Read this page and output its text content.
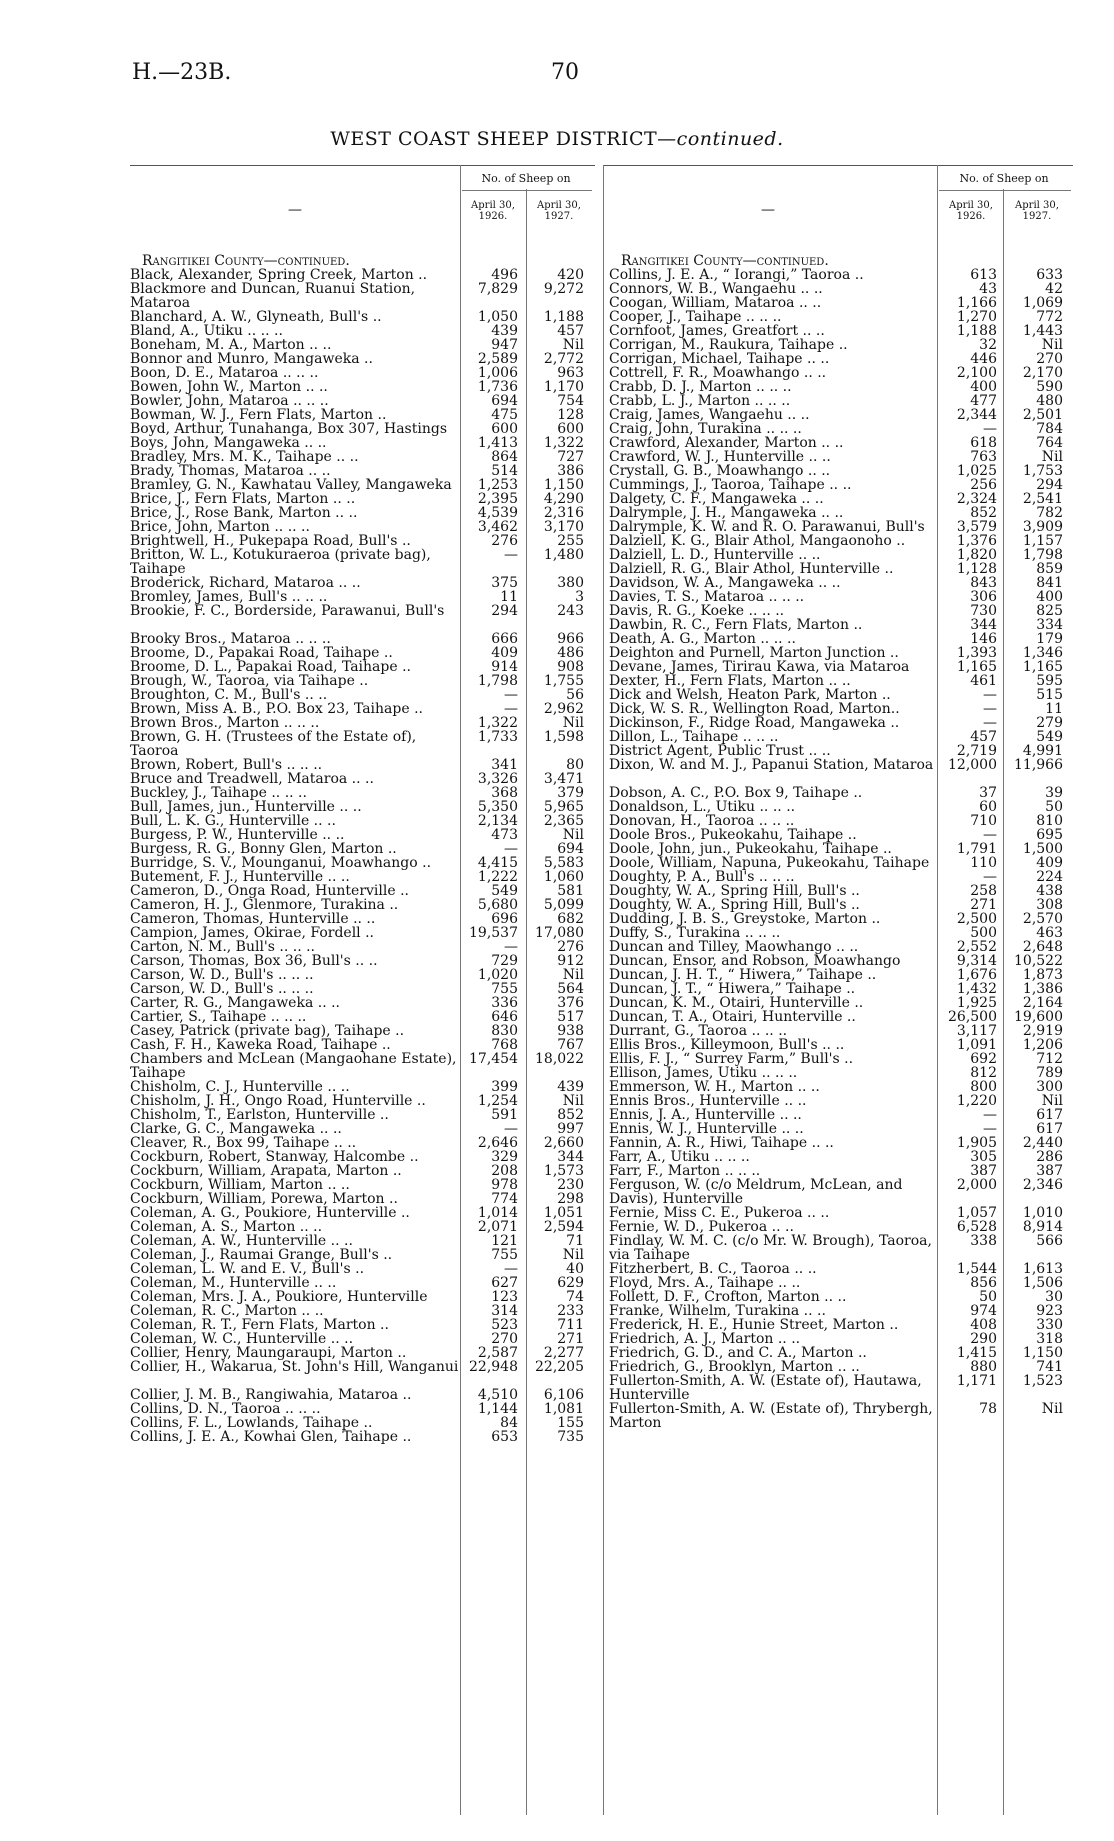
H.—23B.	70
WEST COAST SHEEP DISTRICT—continued.
—
No. of Sheep on
April 30, 1926.
April 30, 1927.
Rangitikei County—continued.
Black, Alexander, Spring Creek, Marton ..	496	420
Blackmore and Duncan, Ruanui Station, Mataroa
7,829	9,272
Blanchard, A. W., Glyneath, Bull's ..	1,050	1,188
Bland, A., Utiku .. .. ..	439	457
Boneham, M. A., Marton .. ..	947	Nil
Bonnor and Munro, Mangaweka ..	2,589	2,772
Boon, D. E., Mataroa .. .. ..	1,006	963
Bowen, John W., Marton .. ..	1,736	1,170
Bowler, John, Mataroa .. .. ..	694	754
Bowman, W. J., Fern Flats, Marton ..	475	128
Boyd, Arthur, Tunahanga, Box 307, Hastings	600	600
Boys, John, Mangaweka .. ..	1,413	1,322
Bradley, Mrs. M. K., Taihape .. ..	864	727
Brady, Thomas, Mataroa .. ..	514	386
Bramley, G. N., Kawhatau Valley, Mangaweka	1,253	1,150
Brice, J., Fern Flats, Marton .. ..	2,395	4,290
Brice, J., Rose Bank, Marton .. ..	4,539	2,316
Brice, John, Marton .. .. ..	3,462	3,170
Brightwell, H., Pukepapa Road, Bull's ..	276	255
Britton, W. L., Kotukuraeroa (private bag), Taihape
—	1,480
Broderick, Richard, Mataroa .. ..	375	380
Bromley, James, Bull's .. .. ..	11	3
Brookie, F. C., Borderside, Parawanui, Bull's	294	243
Brooky Bros., Mataroa .. .. ..	666	966
Broome, D., Papakai Road, Taihape ..	409	486
Broome, D. L., Papakai Road, Taihape ..	914	908
Brough, W., Taoroa, via Taihape ..	1,798	1,755
Broughton, C. M., Bull's .. ..	—	56
Brown, Miss A. B., P.O. Box 23, Taihape ..	—	2,962
Brown Bros., Marton .. .. ..	1,322	Nil
Brown, G. H. (Trustees of the Estate of), Taoroa
1,733	1,598
Brown, Robert, Bull's .. .. ..	341	80
Bruce and Treadwell, Mataroa .. ..	3,326	3,471
Buckley, J., Taihape .. .. ..	368	379
Bull, James, jun., Hunterville .. ..	5,350	5,965
Bull, L. K. G., Hunterville .. ..	2,134	2,365
Burgess, P. W., Hunterville .. ..	473	Nil
Burgess, R. G., Bonny Glen, Marton ..	—	694
Burridge, S. V., Mounganui, Moawhango ..	4,415	5,583
Butement, F. J., Hunterville .. ..	1,222	1,060
Cameron, D., Onga Road, Hunterville ..	549	581
Cameron, H. J., Glenmore, Turakina ..	5,680	5,099
Cameron, Thomas, Hunterville .. ..	696	682
Campion, James, Okirae, Fordell ..	19,537	17,080
Carton, N. M., Bull's .. .. ..	—	276
Carson, Thomas, Box 36, Bull's .. ..	729	912
Carson, W. D., Bull's .. .. ..	1,020	Nil
Carson, W. D., Bull's .. .. ..	755	564
Carter, R. G., Mangaweka .. ..	336	376
Cartier, S., Taihape .. .. ..	646	517
Casey, Patrick (private bag), Taihape ..	830	938
Cash, F. H., Kaweka Road, Taihape ..	768	767
Chambers and McLean (Mangaohane Estate), Taihape
17,454	18,022
Chisholm, C. J., Hunterville .. ..	399	439
Chisholm, J. H., Ongo Road, Hunterville ..	1,254	Nil
Chisholm, T., Earlston, Hunterville ..	591	852
Clarke, G. C., Mangaweka .. ..	—	997
Cleaver, R., Box 99, Taihape .. ..	2,646	2,660
Cockburn, Robert, Stanway, Halcombe ..	329	344
Cockburn, William, Arapata, Marton ..	208	1,573
Cockburn, William, Marton .. ..	978	230
Cockburn, William, Porewa, Marton ..	774	298
Coleman, A. G., Poukiore, Hunterville ..	1,014	1,051
Coleman, A. S., Marton .. ..	2,071	2,594
Coleman, A. W., Hunterville .. ..	121	71
Coleman, J., Raumai Grange, Bull's ..	755	Nil
Coleman, L. W. and E. V., Bull's ..	—	40
Coleman, M., Hunterville .. ..	627	629
Coleman, Mrs. J. A., Poukiore, Hunterville	123	74
Coleman, R. C., Marton .. ..	314	233
Coleman, R. T., Fern Flats, Marton ..	523	711
Coleman, W. C., Hunterville .. ..	270	271
Collier, Henry, Maungaraupi, Marton ..	2,587	2,277
Collier, H., Wakarua, St. John's Hill, Wanganui 22,948	22,205
Collier, J. M. B., Rangiwahia, Mataroa ..	4,510	6,106
Collins, D. N., Taoroa .. .. ..	1,144	1,081
Collins, F. L., Lowlands, Taihape ..	84	155
Collins, J. E. A., Kowhai Glen, Taihape ..	653	735
—
No. of Sheep on
April 30, 1926.
April 30, 1927.
Rangitikei County—continued.
Collins, J. E. A., “ Iorangi,” Taoroa ..	613	633
Connors, W. B., Wangaehu .. ..	43	42
Coogan, William, Mataroa .. ..	1,166	1,069
Cooper, J., Taihape .. .. ..	1,270	772
Cornfoot, James, Greatfort .. ..	1,188	1,443
Corrigan, M., Raukura, Taihape ..	32	Nil
Corrigan, Michael, Taihape .. ..	446	270
Cottrell, F. R., Moawhango .. ..	2,100	2,170
Crabb, D. J., Marton .. .. ..	400	590
Crabb, L. J., Marton .. .. ..	477	480
Craig, James, Wangaehu .. ..	2,344	2,501
Craig, John, Turakina .. .. ..	—	784
Crawford, Alexander, Marton .. ..	618	764
Crawford, W. J., Hunterville .. ..	763	Nil
Crystall, G. B., Moawhango .. ..	1,025	1,753
Cummings, J., Taoroa, Taihape .. ..	256	294
Dalgety, C. F., Mangaweka .. ..	2,324	2,541
Dalrymple, J. H., Mangaweka .. ..	852	782
Dalrymple, K. W. and R. O. Parawanui, Bull's	3,579	3,909
Dalziell, K. G., Blair Athol, Mangaonoho ..	1,376	1,157
Dalziell, L. D., Hunterville .. ..	1,820	1,798
Dalziell, R. G., Blair Athol, Hunterville ..	1,128	859
Davidson, W. A., Mangaweka .. ..	843	841
Davies, T. S., Mataroa .. .. ..	306	400
Davis, R. G., Koeke .. .. ..	730	825
Dawbin, R. C., Fern Flats, Marton ..	344	334
Death, A. G., Marton .. .. ..	146	179
Deighton and Purnell, Marton Junction ..	1,393	1,346
Devane, James, Tirirau Kawa, via Mataroa	1,165	1,165
Dexter, H., Fern Flats, Marton .. ..	461	595
Dick and Welsh, Heaton Park, Marton ..	—	515
Dick, W. S. R., Wellington Road, Marton..	—	11
Dickinson, F., Ridge Road, Mangaweka ..	—	279
Dillon, L., Taihape .. .. ..	457	549
District Agent, Public Trust .. ..	2,719	4,991
Dixon, W. and M. J., Papanui Station, Mataroa	12,000	11,966
Dobson, A. C., P.O. Box 9, Taihape ..	37	39
Donaldson, L., Utiku .. .. ..	60	50
Donovan, H., Taoroa .. .. ..	710	810
Doole Bros., Pukeokahu, Taihape ..	—	695
Doole, John, jun., Pukeokahu, Taihape ..	1,791	1,500
Doole, William, Napuna, Pukeokahu, Taihape	110	409
Doughty, P. A., Bull's .. .. ..	—	224
Doughty, W. A., Spring Hill, Bull's ..	258	438
Doughty, W. A., Spring Hill, Bull's ..	271	308
Dudding, J. B. S., Greystoke, Marton ..	2,500	2,570
Duffy, S., Turakina .. .. ..	500	463
Duncan and Tilley, Maowhango .. ..	2,552	2,648
Duncan, Ensor, and Robson, Moawhango	9,314	10,522
Duncan, J. H. T., “ Hiwera,” Taihape ..	1,676	1,873
Duncan, J. T., “ Hiwera,” Taihape ..	1,432	1,386
Duncan, K. M., Otairi, Hunterville ..	1,925	2,164
Duncan, T. A., Otairi, Hunterville ..	26,500	19,600
Durrant, G., Taoroa .. .. ..	3,117	2,919
Ellis Bros., Killeymoon, Bull's .. ..	1,091	1,206
Ellis, F. J., “ Surrey Farm,” Bull's ..	692	712
Ellison, James, Utiku .. .. ..	812	789
Emmerson, W. H., Marton .. ..	800	300
Ennis Bros., Hunterville .. ..	1,220	Nil
Ennis, J. A., Hunterville .. ..	—	617
Ennis, W. J., Hunterville .. ..	—	617
Fannin, A. R., Hiwi, Taihape .. ..	1,905	2,440
Farr, A., Utiku .. .. ..	305	286
Farr, F., Marton .. .. ..	387	387
Ferguson, W. (c/o Meldrum, McLean, and Davis), Hunterville
2,000	2,346
Fernie, Miss C. E., Pukeroa .. ..	1,057	1,010
Fernie, W. D., Pukeroa .. ..	6,528	8,914
Findlay, W. M. C. (c/o Mr. W. Brough), Taoroa, via Taihape
338	566
Fitzherbert, B. C., Taoroa .. ..	1,544	1,613
Floyd, Mrs. A., Taihape .. ..	856	1,506
Follett, D. F., Crofton, Marton .. ..	50	30
Franke, Wilhelm, Turakina .. ..	974	923
Frederick, H. E., Hunie Street, Marton ..	408	330
Friedrich, A. J., Marton .. ..	290	318
Friedrich, G. D., and C. A., Marton ..	1,415	1,150
Friedrich, G., Brooklyn, Marton .. ..	880	741
Fullerton-Smith, A. W. (Estate of), Hautawa, Hunterville
1,171	1,523
Fullerton-Smith, A. W. (Estate of), Thrybergh, Marton
78	Nil
